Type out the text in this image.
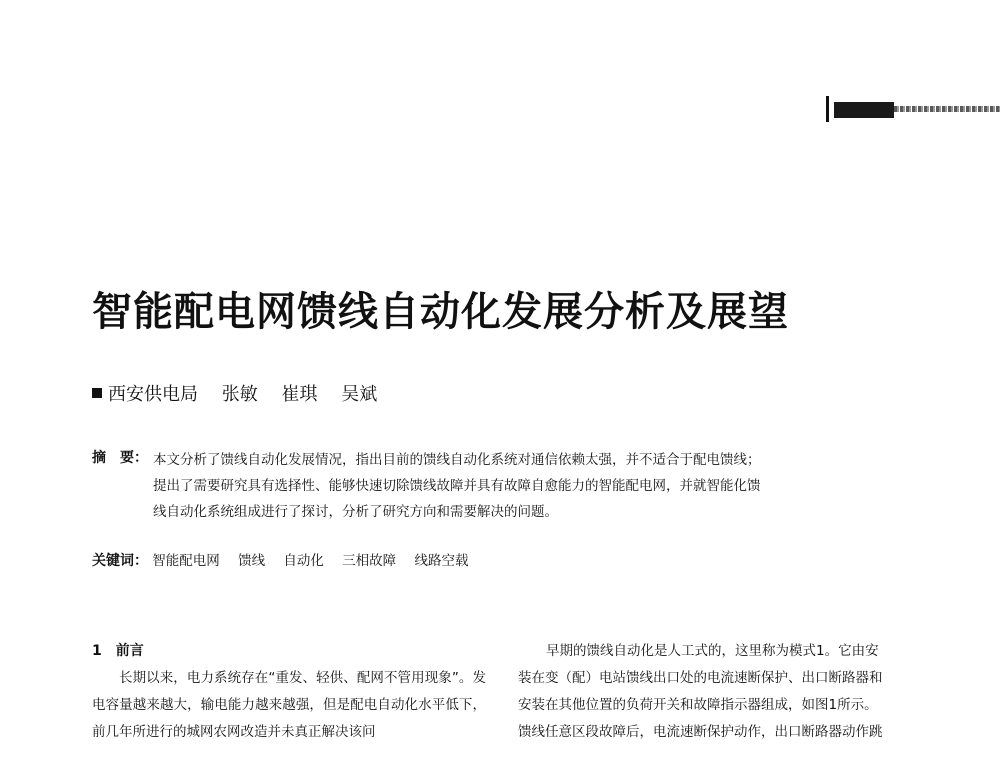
智能配电网馈线自动化发展分析及展望
西安供电局 张敏 崔琪 吴斌
摘　要： 本文分析了馈线自动化发展情况，指出目前的馈线自动化系统对通信依赖太强，并不适合于配电馈线；提出了需要研究具有选择性、能够快速切除馈线故障并具有故障自愈能力的智能配电网，并就智能化馈线自动化系统组成进行了探讨，分析了研究方向和需要解决的问题。
关键词： 智能配电网 馈线 自动化 三相故障 线路空载
1　前言

长期以来，电力系统存在“重发、轻供、配网不管用现象”。发电容量越来越大，输电能力越来越强，但是配电自动化水平低下，前几年所进行的城网农网改造并未真正解决该问

早期的馈线自动化是人工式的，这里称为模式1。它由安
装在变（配）电站馈线出口处的电流速断保护、出口断路器和
安装在其他位置的负荷开关和故障指示器组成，如图1所示。
馈线任意区段故障后，电流速断保护动作，出口断路器动作跳
